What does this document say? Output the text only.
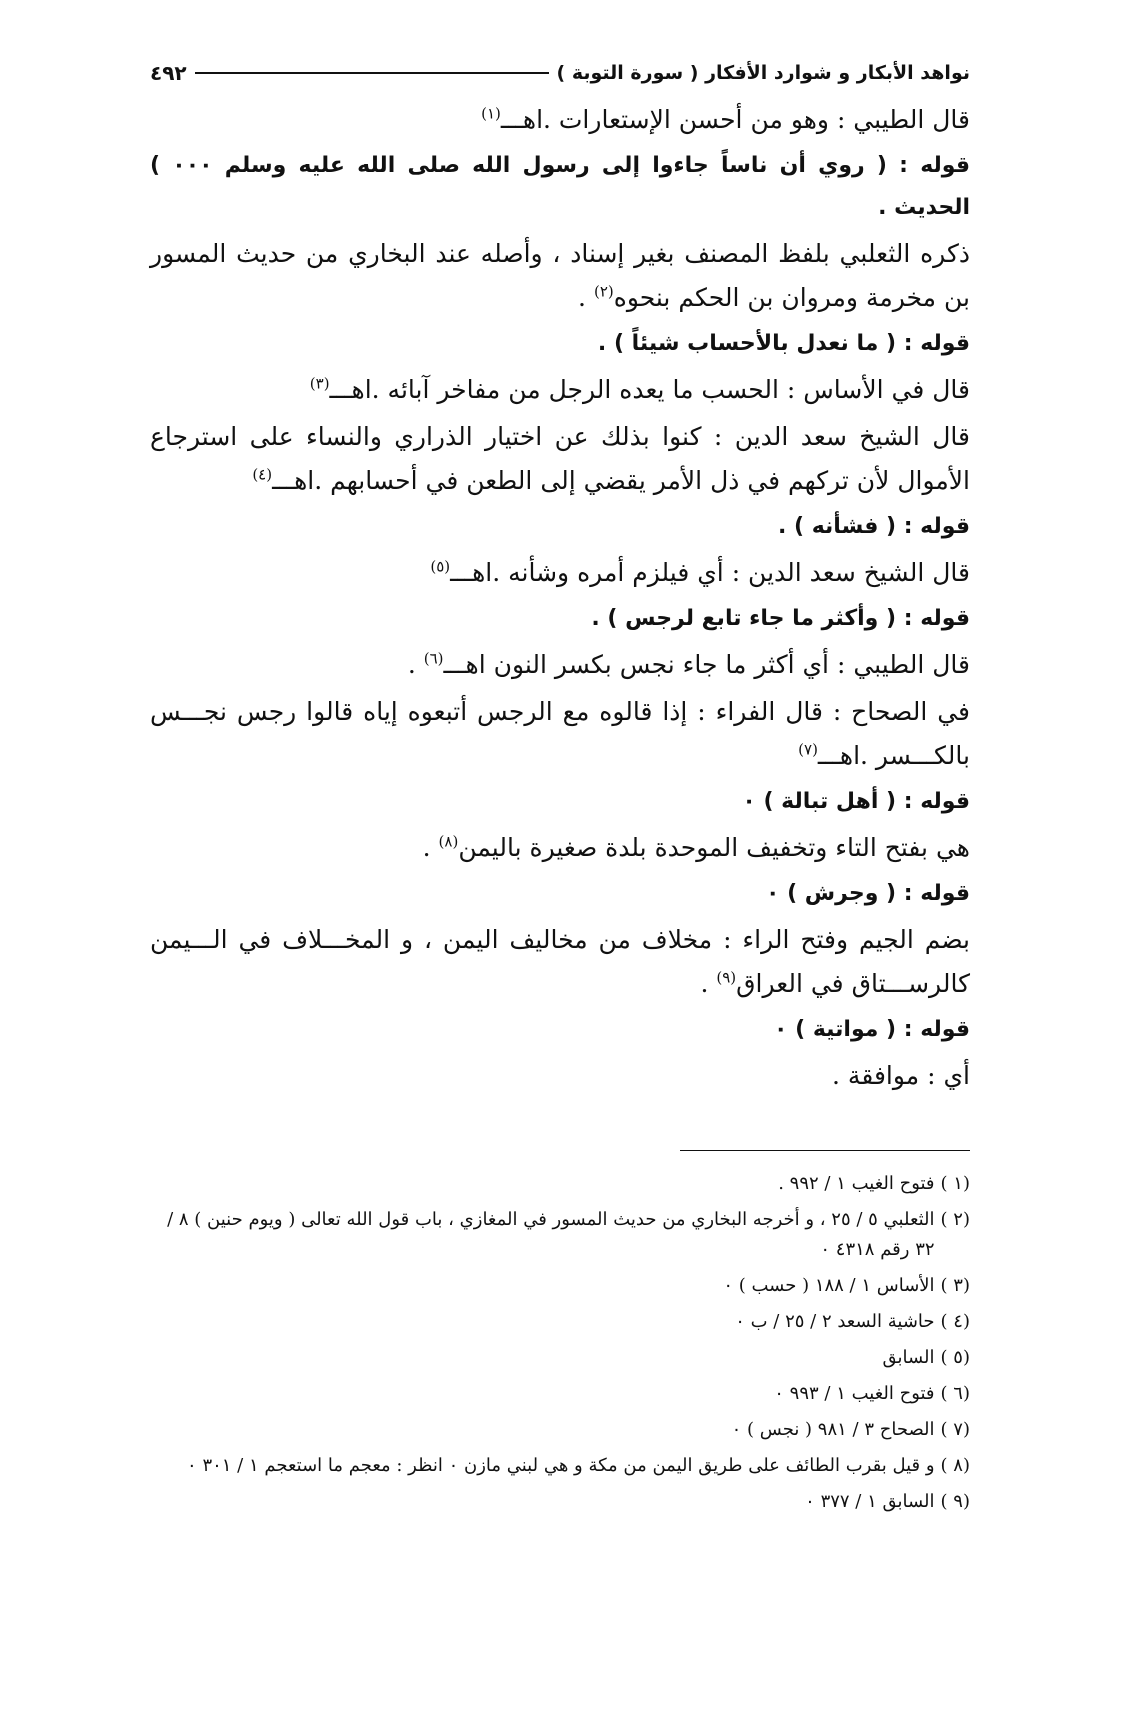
نواهد الأبكار و شوارد الأفكار ( سورة التوبة )
٤٩٢
قال الطيبي : وهو من أحسن الإستعارات .اهـــ$^{(١)}$
قوله : ( روي أن ناساً جاءوا إلى رسول الله صلى الله عليه وسلم ٠٠٠ ) الحديث .
ذكره الثعلبي بلفظ المصنف بغير إسناد ، وأصله عند البخاري من حديث المسور بن مخرمة ومروان بن الحكم بنحوه$^{(٢)}$ .
قوله : ( ما نعدل بالأحساب شيئاً ) .
قال في الأساس : الحسب ما يعده الرجل من مفاخر آبائه .اهـــ$^{(٣)}$
قال الشيخ سعد الدين : كنوا بذلك عن اختيار الذراري والنساء على استرجاع الأموال لأن تركهم في ذل الأمر يقضي إلى الطعن في أحسابهم .اهـــ$^{(٤)}$
قوله : ( فشأنه ) .
قال الشيخ سعد الدين : أي فيلزم أمره وشأنه .اهـــ$^{(٥)}$
قوله : ( وأكثر ما جاء تابع لرجس ) .
قال الطيبي : أي أكثر ما جاء نجس بكسر النون اهـــ$^{(٦)}$ .
في الصحاح : قال الفراء : إذا قالوه مع الرجس أتبعوه إياه قالوا رجس نجـــس بالكـــسر .اهـــ$^{(٧)}$
قوله : ( أهل تبالة ) ٠
هي بفتح التاء وتخفيف الموحدة بلدة صغيرة باليمن$^{(٨)}$ .
قوله : ( وجرش ) ٠
بضم الجيم وفتح الراء : مخلاف من مخاليف اليمن ، و المخـــلاف في الـــيمن كالرســـتاق في العراق$^{(٩)}$ .
قوله : ( مواتية ) ٠
أي : موافقة .
(١ )
فتوح الغيب ١ / ٩٩٢ .
(٢ )
الثعلبي ٥ / ٢٥ ، و أخرجه البخاري من حديث المسور في المغازي ، باب قول الله تعالى ( ويوم حنين ) ٨ / ٣٢ رقم ٤٣١٨ ٠
(٣ )
الأساس ١ / ١٨٨ ( حسب ) ٠
(٤ )
حاشية السعد ٢ / ٢٥ / ب ٠
(٥ )
السابق
(٦ )
فتوح الغيب ١ / ٩٩٣ ٠
(٧ )
الصحاح ٣ / ٩٨١ ( نجس ) ٠
(٨ )
و قيل بقرب الطائف على طريق اليمن من مكة و هي لبني مازن ٠ انظر : معجم ما استعجم ١ / ٣٠١ ٠
(٩ )
السابق ١ / ٣٧٧ ٠
